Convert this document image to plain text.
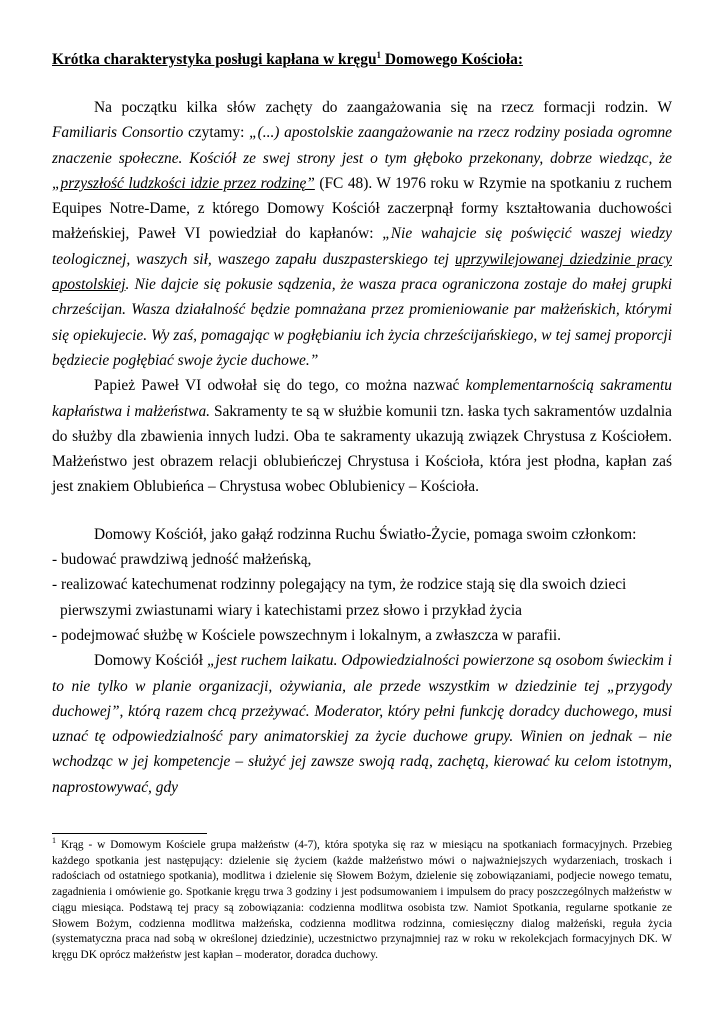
Krótka charakterystyka posługi kapłana w kręgu$^1$ Domowego Kościoła:

Na początku kilka słów zachęty do zaangażowania się na rzecz formacji rodzin. W Familiaris Consortio czytamy: „(...) apostolskie zaangażowanie na rzecz rodziny posiada ogromne znaczenie społeczne. Kościół ze swej strony jest o tym głęboko przekonany, dobrze wiedząc, że „przyszłość ludzkości idzie przez rodzinę” (FC 48). W 1976 roku w Rzymie na spotkaniu z ruchem Equipes Notre-Dame, z którego Domowy Kościół zaczerpnął formy kształtowania duchowości małżeńskiej, Paweł VI powiedział do kapłanów: „Nie wahajcie się poświęcić waszej wiedzy teologicznej, waszych sił, waszego zapału duszpasterskiego tej uprzywilejowanej dziedzinie pracy apostolskiej. Nie dajcie się pokusie sądzenia, że wasza praca ograniczona zostaje do małej grupki chrześcijan. Wasza działalność będzie pomnażana przez promieniowanie par małżeńskich, którymi się opiekujecie. Wy zaś, pomagając w pogłębianiu ich życia chrześcijańskiego, w tej samej proporcji będziecie pogłębiać swoje życie duchowe.”

Papież Paweł VI odwołał się do tego, co można nazwać komplementarnością sakramentu kapłaństwa i małżeństwa. Sakramenty te są w służbie komunii tzn. łaska tych sakramentów uzdalnia do służby dla zbawienia innych ludzi. Oba te sakramenty ukazują związek Chrystusa z Kościołem. Małżeństwo jest obrazem relacji oblubieńczej Chrystusa i Kościoła, która jest płodna, kapłan zaś jest znakiem Oblubieńca – Chrystusa wobec Oblubienicy – Kościoła.

Domowy Kościół, jako gałąź rodzinna Ruchu Światło-Życie, pomaga swoim członkom:

- budować prawdziwą jedność małżeńską,
- realizować katechumenat rodzinny polegający na tym, że rodzice stają się dla swoich dzieci pierwszymi zwiastunami wiary i katechistami przez słowo i przykład życia
- podejmować służbę w Kościele powszechnym i lokalnym, a zwłaszcza w parafii.

Domowy Kościół „jest ruchem laikatu. Odpowiedzialności powierzone są osobom świeckim i to nie tylko w planie organizacji, ożywiania, ale przede wszystkim w dziedzinie tej „przygody duchowej”, którą razem chcą przeżywać. Moderator, który pełni funkcję doradcy duchowego, musi uznać tę odpowiedzialność pary animatorskiej za życie duchowe grupy. Winien on jednak – nie wchodząc w jej kompetencje – służyć jej zawsze swoją radą, zachętą, kierować ku celom istotnym, naprostowywać, gdy

$^1$ Krąg - w Domowym Kościele grupa małżeństw (4-7), która spotyka się raz w miesiącu na spotkaniach formacyjnych. Przebieg każdego spotkania jest następujący: dzielenie się życiem (każde małżeństwo mówi o najważniejszych wydarzeniach, troskach i radościach od ostatniego spotkania), modlitwa i dzielenie się Słowem Bożym, dzielenie się zobowiązaniami, podjecie nowego tematu, zagadnienia i omówienie go. Spotkanie kręgu trwa 3 godziny i jest podsumowaniem i impulsem do pracy poszczególnych małżeństw w ciągu miesiąca. Podstawą tej pracy są zobowiązania: codzienna modlitwa osobista tzw. Namiot Spotkania, regularne spotkanie ze Słowem Bożym, codzienna modlitwa małżeńska, codzienna modlitwa rodzinna, comiesięczny dialog małżeński, reguła życia (systematyczna praca nad sobą w określonej dziedzinie), uczestnictwo przynajmniej raz w roku w rekolekcjach formacyjnych DK. W kręgu DK oprócz małżeństw jest kapłan – moderator, doradca duchowy.
